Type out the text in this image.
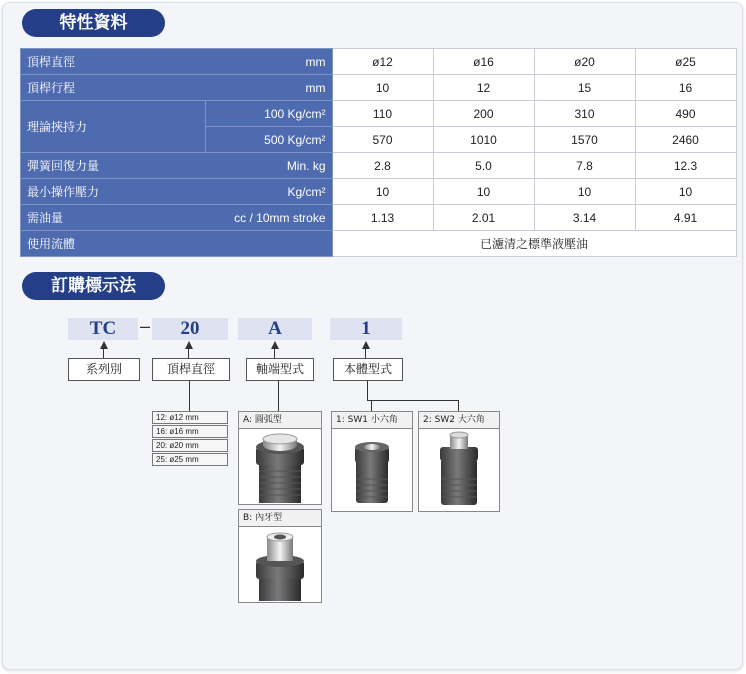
特性資料
頂桿直徑	mm	ø12	ø16	ø20	ø25
頂桿行程	mm	10	12	15	16
理論挾持力	100 Kg/cm²	110	200	310	490
	500 Kg/cm²	570	1010	1570	2460
彈簧回復力量	Min. kg	2.8	5.0	7.8	12.3
最小操作壓力	Kg/cm²	10	10	10	10
需油量	cc / 10mm stroke	1.13	2.01	3.14	4.91
使用流體		已濾清之標準液壓油			
訂購標示法
TC	–	20	A	1
系列別	頂桿直徑	軸端型式	本體型式
12: ø12 mm
16: ø16 mm
20: ø20 mm
25: ø25 mm
A: 圓弧型
B: 內牙型
1: SW1 小六角	2: SW2 大六角
